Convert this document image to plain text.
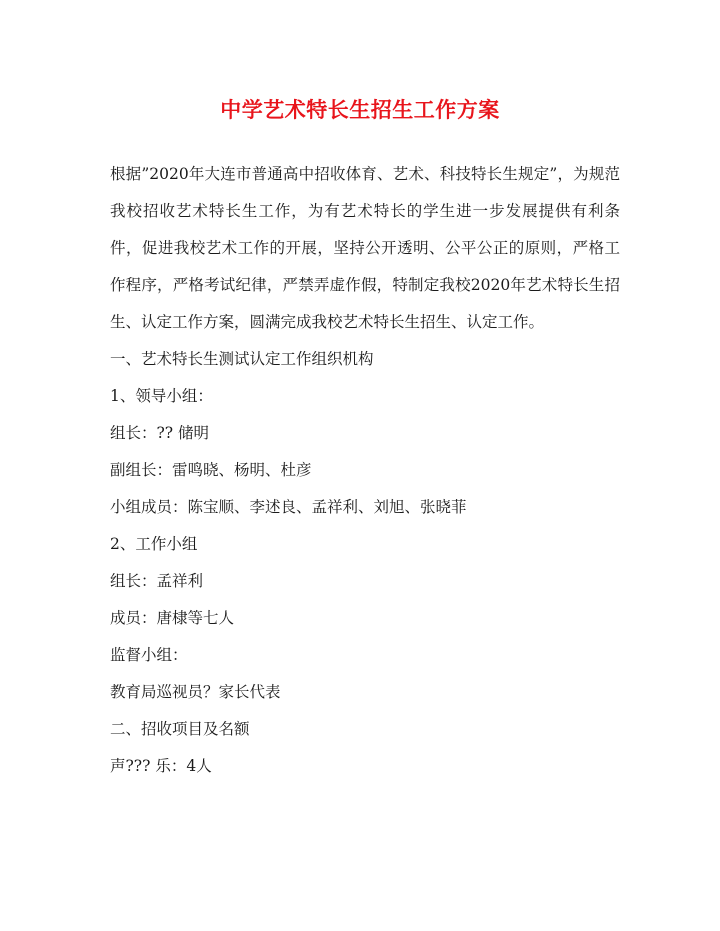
中学艺术特长生招生工作方案

根据”2020年大连市普通高中招收体育、艺术、科技特长生规定”，为规范我校招收艺术特长生工作，为有艺术特长的学生进一步发展提供有利条件，促进我校艺术工作的开展，坚持公开透明、公平公正的原则，严格工作程序，严格考试纪律，严禁弄虚作假，特制定我校2020年艺术特长生招生、认定工作方案，圆满完成我校艺术特长生招生、认定工作。

一、艺术特长生测试认定工作组织机构

1、领导小组：

组长：?? 储明

副组长：雷鸣晓、杨明、杜彦

小组成员：陈宝顺、李述良、孟祥利、刘旭、张晓菲

2、工作小组

组长：孟祥利

成员：唐棣等七人

监督小组：

教育局巡视员？家长代表

二、招收项目及名额

声??? 乐：4人
